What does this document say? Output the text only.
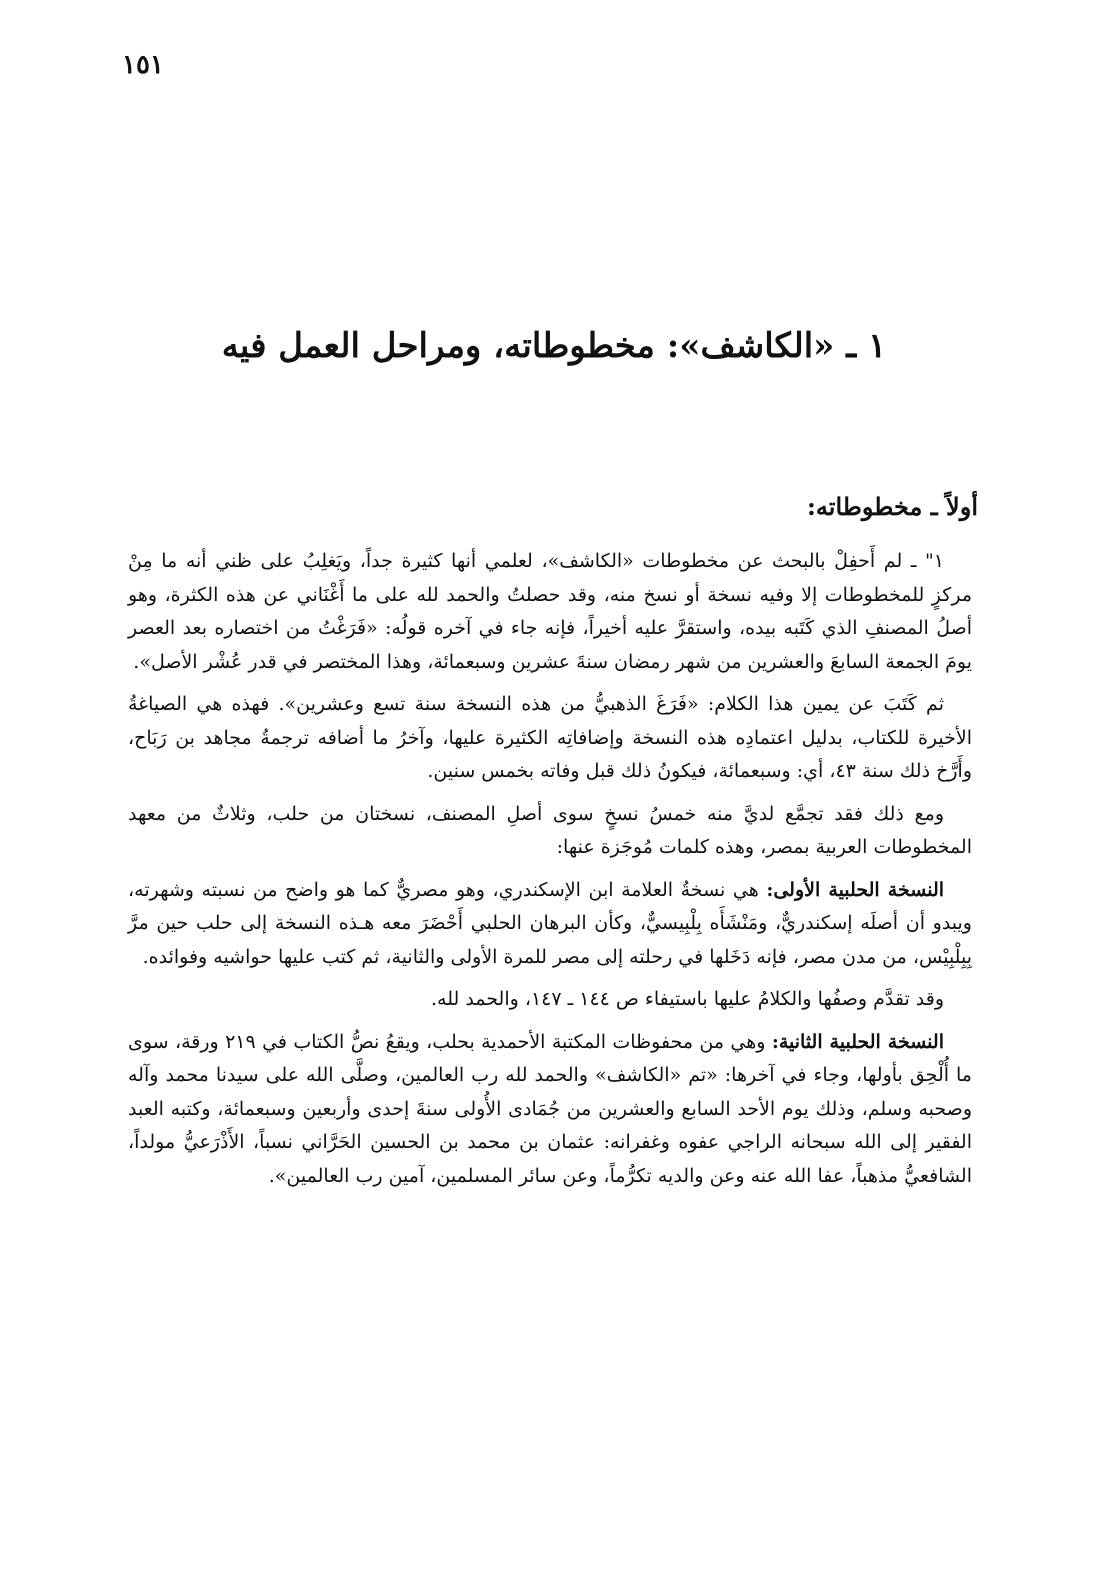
١٥١
١ ـ «الكاشف»: مخطوطاته، ومراحل العمل فيه
أولاً ـ مخطوطاته:

١" ـ لم أَحفِلْ بالبحث عن مخطوطات «الكاشف»، لعلمي أنها كثيرة جداً، ويَغلِبُ على ظني أنه ما مِنْ مركزٍ للمخطوطات إلا وفيه نسخة أو نسخ منه، وقد حصلتُ والحمد لله على ما أَغْنَاني عن هذه الكثرة، وهو أصلُ المصنفِ الذي كَتَبه بيده، واستقرَّ عليه أخيراً، فإنه جاء في آخره قولُه: «فَرَغْتُ من اختصاره بعد العصر يومَ الجمعة السابعَ والعشرين من شهر رمضان سنةَ عشرين وسبعمائة، وهذا المختصر في قدر عُشْر الأصل».

ثم كَتَبَ عن يمين هذا الكلام: «فَرَغَ الذهبيُّ من هذه النسخة سنة تسع وعشرين». فهذه هي الصياغةُ الأخيرة للكتاب، بدليل اعتمادِه هذه النسخة وإضافاتِه الكثيرة عليها، وآخرُ ما أضافه ترجمةُ مجاهد بن رَبَاح، وأَرَّخ ذلك سنة ٤٣، أي: وسبعمائة، فيكونُ ذلك قبل وفاته بخمس سنين.

ومع ذلك فقد تجمَّع لديَّ منه خمسُ نسخٍ سوى أصلِ المصنف، نسختان من حلب، وثلاثٌ من معهد المخطوطات العربية بمصر، وهذه كلمات مُوجَزة عنها:

النسخة الحلبية الأولى: هي نسخةُ العلامة ابن الإسكندري، وهو مصريٌّ كما هو واضح من نسبته وشهرته، ويبدو أن أصلَه إسكندريٌّ، ومَنْشَأَه بِلْبِيسيٌّ، وكأن البرهان الحلبي أَحْضَرَ معه هـذه النسخة إلى حلب حين مرَّ بِبِلْبِيْس، من مدن مصر، فإنه دَخَلها في رحلته إلى مصر للمرة الأولى والثانية، ثم كتب عليها حواشيه وفوائده.

وقد تقدَّم وصفُها والكلامُ عليها باستيفاء ص ١٤٤ ـ ١٤٧، والحمد لله.

النسخة الحلبية الثانية: وهي من محفوظات المكتبة الأحمدية بحلب، ويقعُ نصُّ الكتاب في ٢١٩ ورقة، سوى ما أُلْحِق بأولها، وجاء في آخرها: «تم «الكاشف» والحمد لله رب العالمين، وصلَّى الله على سيدنا محمد وآله وصحبه وسلم، وذلك يوم الأحد السابع والعشرين من جُمَادى الأُولى سنةَ إحدى وأربعين وسبعمائة، وكتبه العبد الفقير إلى الله سبحانه الراجي عفوه وغفرانه: عثمان بن محمد بن الحسين الحَرَّاني نسباً، الأَذْرَعيُّ مولداً، الشافعيُّ مذهباً، عفا الله عنه وعن والديه تكرُّماً، وعن سائر المسلمين، آمين رب العالمين».
